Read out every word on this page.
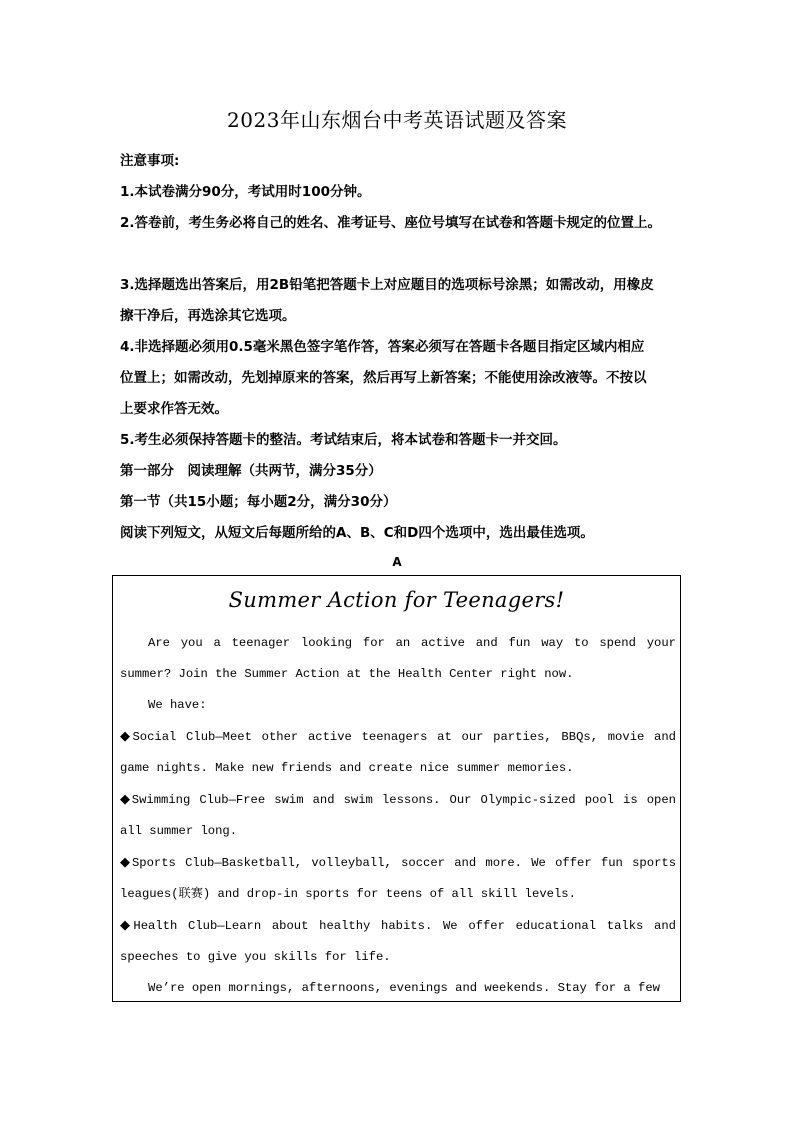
2023年山东烟台中考英语试题及答案

注意事项:

1.本试卷满分90分，考试用时100分钟。

2.答卷前，考生务必将自己的姓名、准考证号、座位号填写在试卷和答题卡规定的位置上。

3.选择题选出答案后，用2B铅笔把答题卡上对应题目的选项标号涂黑；如需改动，用橡皮

擦干净后，再选涂其它选项。

4.非选择题必须用0.5毫米黑色签字笔作答，答案必须写在答题卡各题目指定区域内相应

位置上；如需改动，先划掉原来的答案，然后再写上新答案；不能使用涂改液等。不按以

上要求作答无效。

5.考生必须保持答题卡的整洁。考试结束后，将本试卷和答题卡一并交回。

第一部分　阅读理解（共两节，满分35分）

第一节（共15小题；每小题2分，满分30分）

阅读下列短文，从短文后每题所给的A、B、C和D四个选项中，选出最佳选项。

A
Summer Action for Teenagers!

Are you a teenager looking for an active and fun way to spend your summer? Join the Summer Action at the Health Center right now.

We have:

◆Social Club—Meet other active teenagers at our parties, BBQs, movie and game nights. Make new friends and create nice summer memories.

◆Swimming Club—Free swim and swim lessons. Our Olympic-sized pool is open all summer long.

◆Sports Club—Basketball, volleyball, soccer and more. We offer fun sports leagues(联赛) and drop-in sports for teens of all skill levels.

◆Health Club—Learn about healthy habits. We offer educational talks and speeches to give you skills for life.

We’re open mornings, afternoons, evenings and weekends. Stay for a few
